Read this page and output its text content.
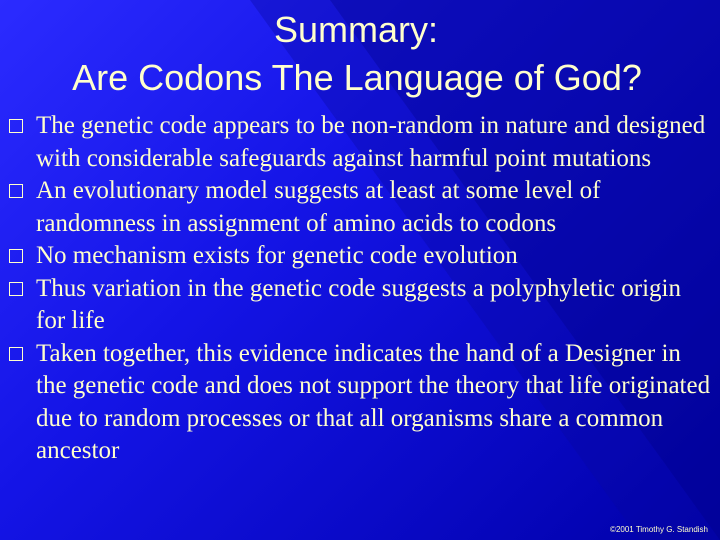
Summary:
Are Codons The Language of God?
The genetic code appears to be non-random in nature and designed with considerable safeguards against harmful point mutations
An evolutionary model suggests at least at some level of randomness in assignment of amino acids to codons
No mechanism exists for genetic code evolution
Thus variation in the genetic code suggests a polyphyletic origin for life
Taken together, this evidence indicates the hand of a Designer in the genetic code and does not support the theory that life originated due to random processes or that all organisms share a common ancestor
©2001 Timothy G. Standish
